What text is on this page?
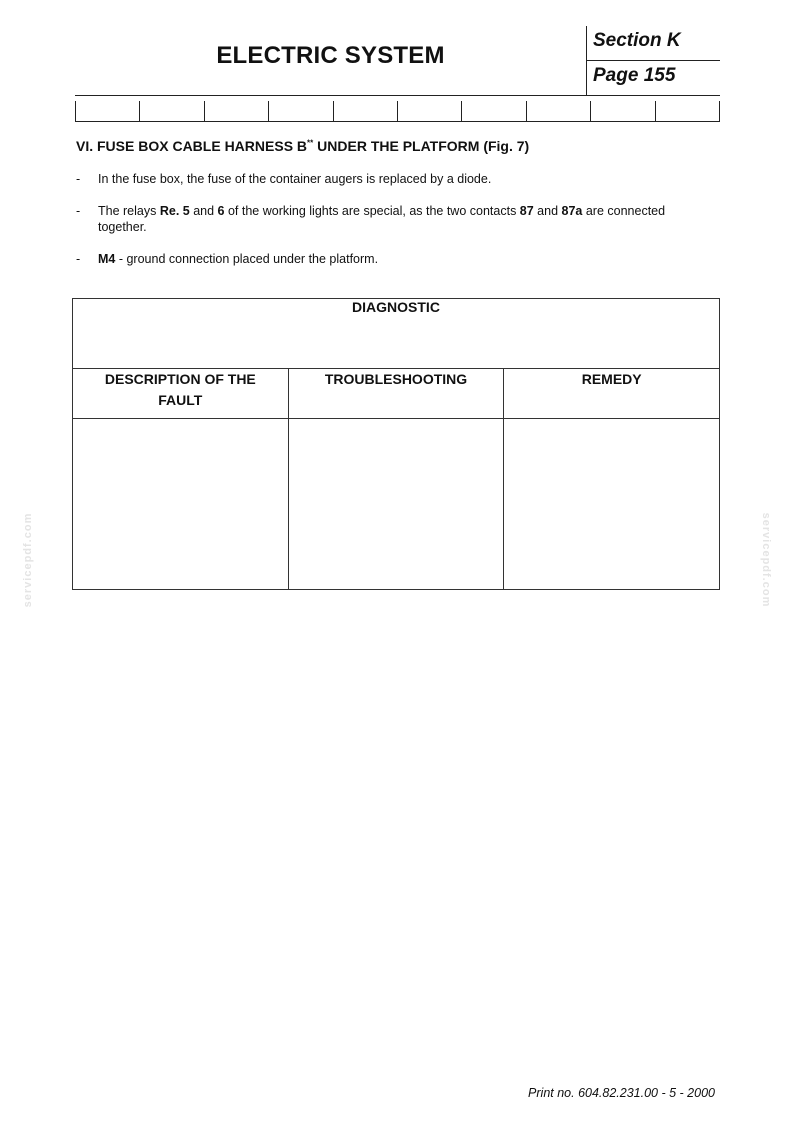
ELECTRIC SYSTEM
Section K
Page 155
VI. FUSE BOX CABLE HARNESS B** UNDER THE PLATFORM (Fig. 7)
- In the fuse box, the fuse of the container augers is replaced by a diode.
- The relays Re. 5 and 6 of the working lights are special, as the two contacts 87 and 87a are connected together.
- M4 - ground connection placed under the platform.
DIAGNOSTIC		
DESCRIPTION OF THE FAULT	TROUBLESHOOTING	REMEDY

servicepdf.com	servicepdf.com
Print no. 604.82.231.00 - 5 - 2000
